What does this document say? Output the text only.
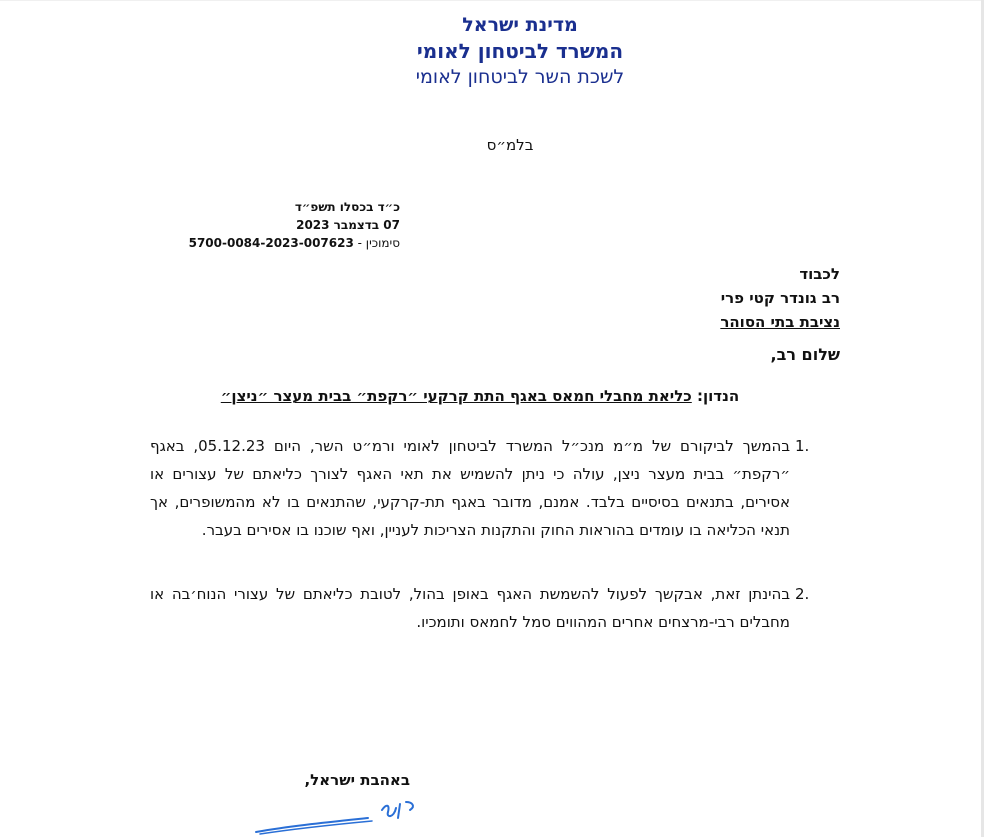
מדינת ישראל
המשרד לביטחון לאומי
לשכת השר לביטחון לאומי
בלמ״ס
כ״ד בכסלו תשפ״ד
07 בדצמבר 2023
סימוכין - 5700-0084-2023-007623
לכבוד
רב גונדר קטי פרי
נציבת בתי הסוהר
שלום רב,
הנדון: כליאת מחבלי חמאס באגף התת קרקעי ״רקפת״ בבית מעצר ״ניצן״
1.
בהמשך לביקורם של מ״מ מנכ״ל המשרד לביטחון לאומי ורמ״ט השר, היום 05.12.23, באגף ״רקפת״ בבית מעצר ניצן, עולה כי ניתן להשמיש את תאי האגף לצורך כליאתם של עצורים או אסירים, בתנאים בסיסיים בלבד. אמנם, מדובר באגף תת-קרקעי, שהתנאים בו לא מהמשופרים, אך תנאי הכליאה בו עומדים בהוראות החוק והתקנות הצריכות לעניין, ואף שוכנו בו אסירים בעבר.
2.
בהינתן זאת, אבקשך לפעול להשמשת האגף באופן בהול, לטובת כליאתם של עצורי הנוח׳בה או מחבלים רבי-מרצחים אחרים המהווים סמל לחמאס ותומכיו.
באהבת ישראל,
